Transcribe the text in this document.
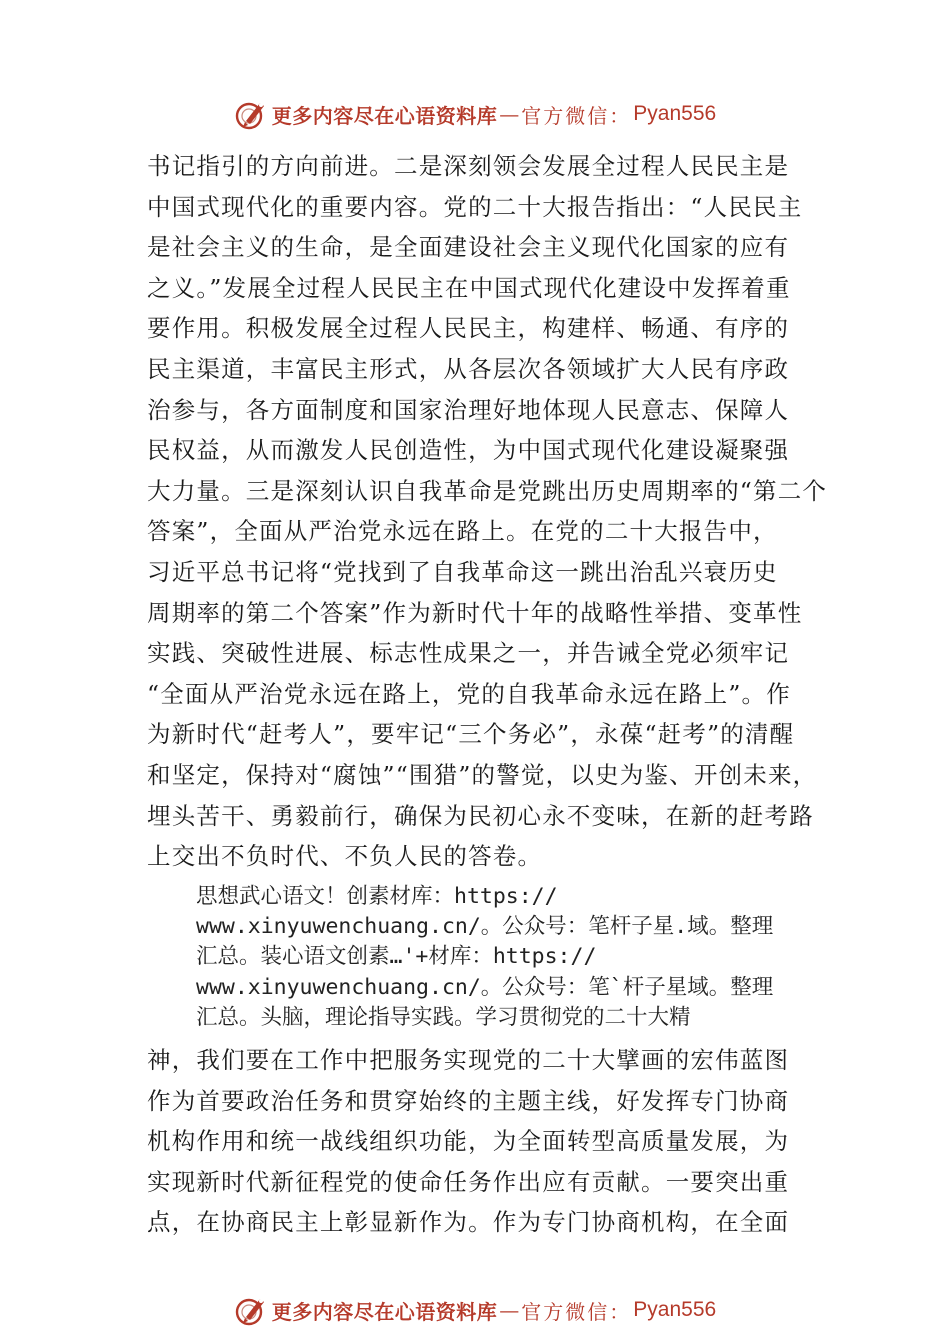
更多内容尽在心语资料库 — 官方微信： Pyan556
书记指引的方向前进。二是深刻领会发展全过程人民民主是
中国式现代化的重要内容。党的二十大报告指出：“人民民主
是社会主义的生命，是全面建设社会主义现代化国家的应有
之义。”发展全过程人民民主在中国式现代化建设中发挥着重
要作用。积极发展全过程人民民主，构建样、畅通、有序的
民主渠道，丰富民主形式，从各层次各领域扩大人民有序政
治参与，各方面制度和国家治理好地体现人民意志、保障人
民权益，从而激发人民创造性，为中国式现代化建设凝聚强
大力量。三是深刻认识自我革命是党跳出历史周期率的“第二个
答案”，全面从严治党永远在路上。在党的二十大报告中，
习近平总书记将“党找到了自我革命这一跳出治乱兴衰历史
周期率的第二个答案”作为新时代十年的战略性举措、变革性
实践、突破性进展、标志性成果之一，并告诫全党必须牢记
“全面从严治党永远在路上，党的自我革命永远在路上”。作
为新时代“赶考人”，要牢记“三个务必”，永葆“赶考”的清醒
和坚定，保持对“腐蚀”“围猎”的警觉，以史为鉴、开创未来，
埋头苦干、勇毅前行，确保为民初心永不变味，在新的赶考路
上交出不负时代、不负人民的答卷。
思想武心语文！创素材库：https://
www.xinyuwenchuang.cn/。公众号：笔杆子星.域。整理
汇总。装心语文创素…'+材库：https://
www.xinyuwenchuang.cn/。公众号：笔`杆子星域。整理
汇总。头脑，理论指导实践。学习贯彻党的二十大精
神，我们要在工作中把服务实现党的二十大擘画的宏伟蓝图
作为首要政治任务和贯穿始终的主题主线，好发挥专门协商
机构作用和统一战线组织功能，为全面转型高质量发展，为
实现新时代新征程党的使命任务作出应有贡献。一要突出重
点，在协商民主上彰显新作为。作为专门协商机构，在全面
更多内容尽在心语资料库 — 官方微信： Pyan556
